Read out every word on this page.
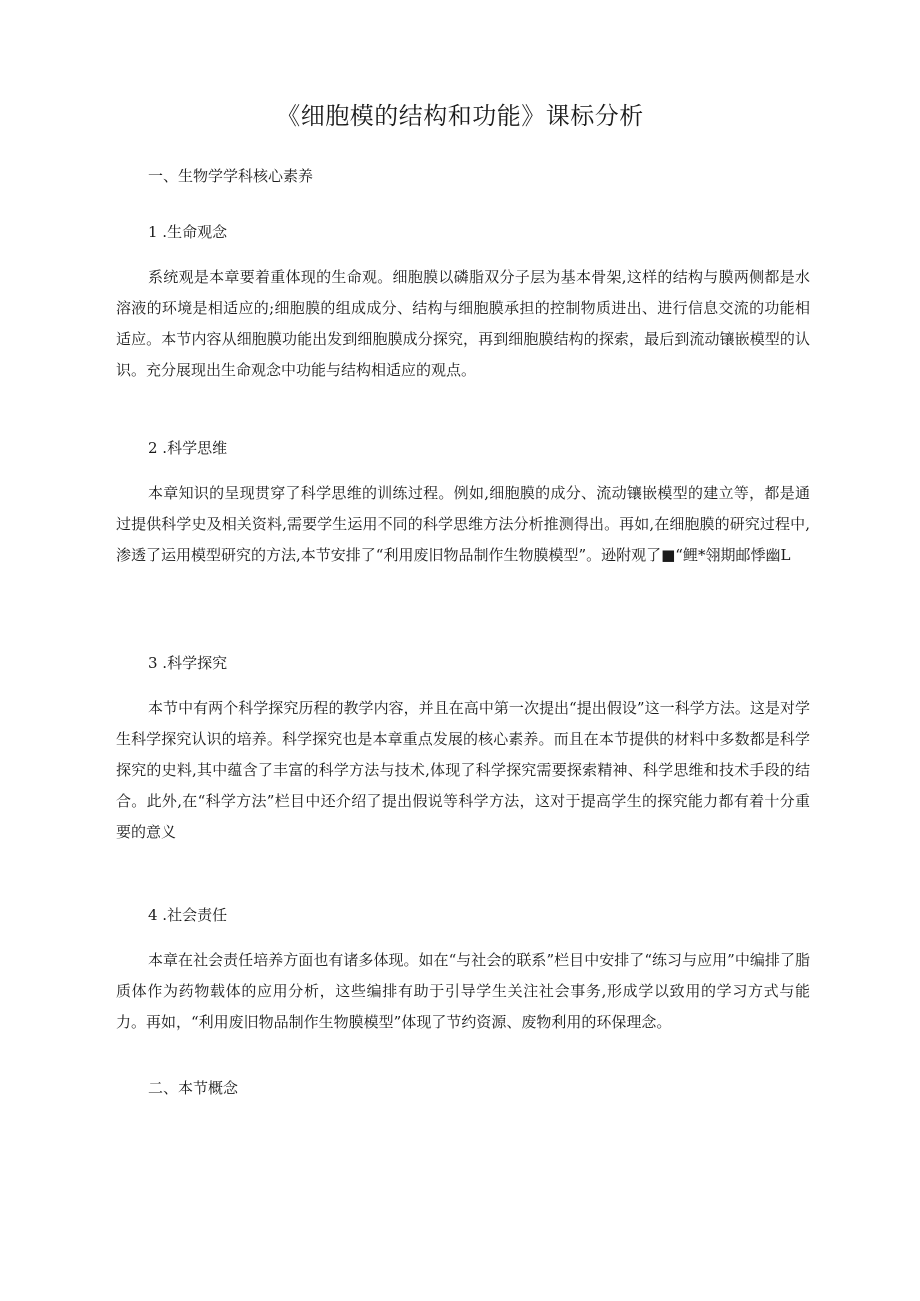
《细胞模的结构和功能》课标分析
一、生物学学科核心素养
1 .生命观念

系统观是本章要着重体现的生命观。细胞膜以磷脂双分子层为基本骨架,这样的结构与膜两侧都是水溶液的环境是相适应的;细胞膜的组成成分、结构与细胞膜承担的控制物质进出、进行信息交流的功能相适应。本节内容从细胞膜功能出发到细胞膜成分探究，再到细胞膜结构的探索，最后到流动镶嵌模型的认识。充分展现出生命观念中功能与结构相适应的观点。

2 .科学思维

本章知识的呈现贯穿了科学思维的训练过程。例如,细胞膜的成分、流动镶嵌模型的建立等，都是通过提供科学史及相关资料,需要学生运用不同的科学思维方法分析推测得出。再如,在细胞膜的研究过程中,渗透了运用模型研究的方法,本节安排了“利用废旧物品制作生物膜模型”。逊附观了■“鲤*翎期邮悸幽L

3 .科学探究

本节中有两个科学探究历程的教学内容，并且在高中第一次提出“提出假设”这一科学方法。这是对学生科学探究认识的培养。科学探究也是本章重点发展的核心素养。而且在本节提供的材料中多数都是科学探究的史料,其中蕴含了丰富的科学方法与技术,体现了科学探究需要探索精神、科学思维和技术手段的结合。此外,在“科学方法”栏目中还介绍了提出假说等科学方法，这对于提高学生的探究能力都有着十分重要的意义

4 .社会责任

本章在社会责任培养方面也有诸多体现。如在“与社会的联系”栏目中安排了“练习与应用”中编排了脂质体作为药物载体的应用分析，这些编排有助于引导学生关注社会事务,形成学以致用的学习方式与能力。再如，“利用废旧物品制作生物膜模型”体现了节约资源、废物利用的环保理念。

二、本节概念
